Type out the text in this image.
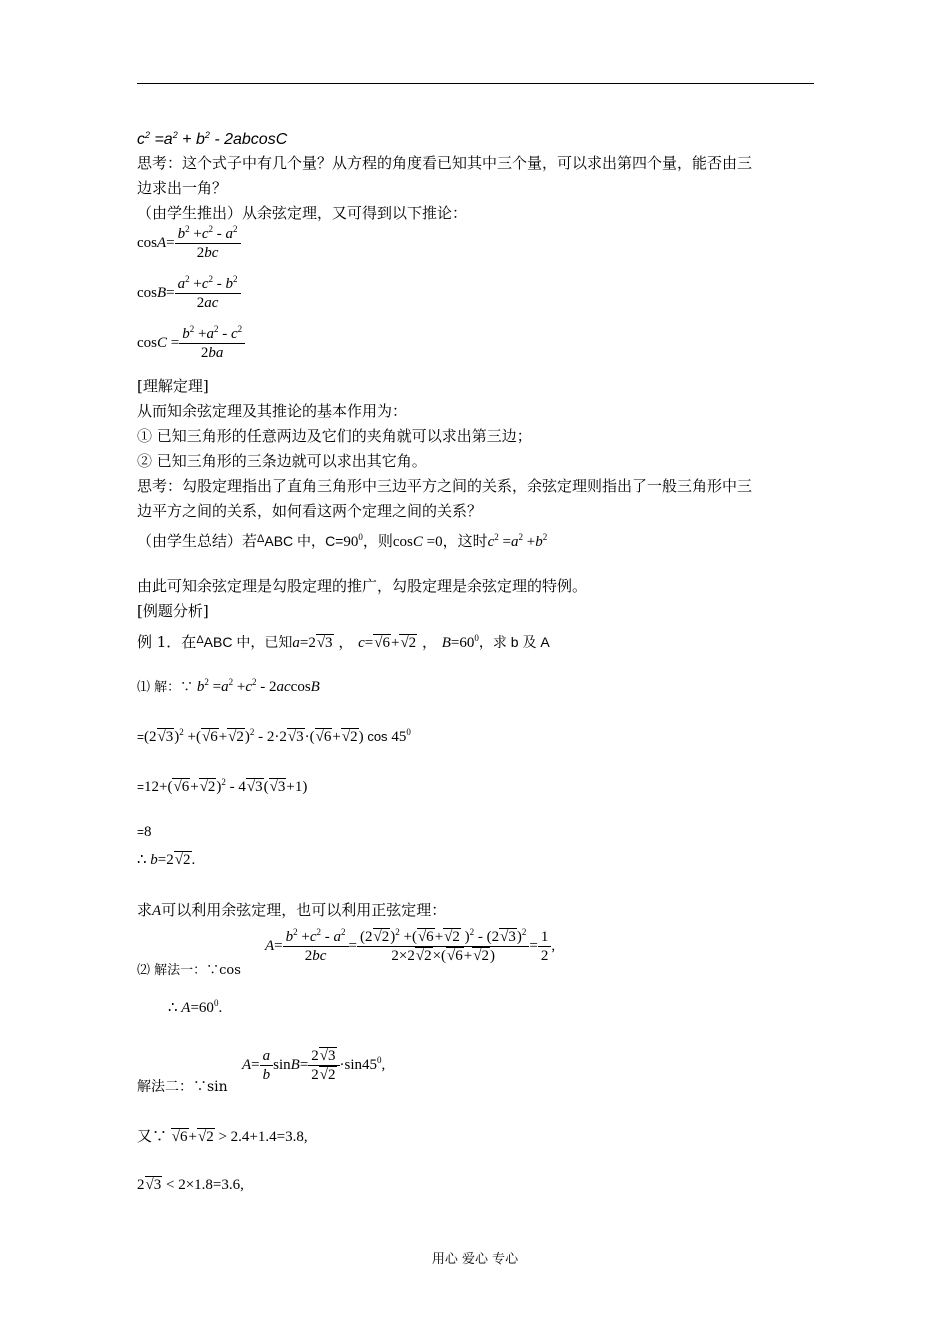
$c^2 =a^2 + b^2 - 2abcosC$
思考：这个式子中有几个量？从方程的角度看已知其中三个量，可以求出第四个量，能否由三
边求出一角？
（由学生推出）从余弦定理，又可得到以下推论：
$\cos A= \frac{b^2 +c^2 - a^2}{2bc}$
$\cos B= \frac{a^2 +c^2 - b^2}{2ac}$
$\cos C = \frac{b^2 +a^2 - c^2}{2ba}$
[理解定理]
从而知余弦定理及其推论的基本作用为：
① 已知三角形的任意两边及它们的夹角就可以求出第三边；
② 已知三角形的三条边就可以求出其它角。
思考：勾股定理指出了直角三角形中三边平方之间的关系，余弦定理则指出了一般三角形中三
边平方之间的关系，如何看这两个定理之间的关系？
（由学生总结）若$^\Delta$ABC 中，$C=90^0$，则cosC =0，这时$c^2 =a^2 +b^2$
由此可知余弦定理是勾股定理的推广，勾股定理是余弦定理的特例。
[例题分析]
例 1．在$^\Delta$ABC 中，已知a=2√3 ， c=√6+√2 ， $B=60^0$，求 b 及 A
⑴ 解：∵ $b^2 =a^2 +c^2 - 2accosB$
$=(2√3)^2 +(√6+√2)^2 - 2\cdot 2√3\cdot(√6+√2)$ $\cos 45^0$
$=12+(√6+√2)^2 - 4√3(√3+1)$
=8
∴ b=2√2.
求A可以利用余弦定理，也可以利用正弦定理：
$A= \frac{b^2 +c^2 - a^2}{2bc} = \frac{(2√2)^2 +(√6+√2 )^2 - (2√3)^2}{2\times 2√2\times(√6+√2)} = \frac{1}{2}$ ,
⑵ 解法一：∵cos
∴ $A=60^0$.
$A= \frac{a}{b} \sin B= \frac{2√3}{2√2} \cdot\sin 45^0$,
解法二：∵sin
又∵ √6+√2 > 2.4+1.4=3.8,
2√3 < 2×1.8=3.6,
用心 爱心 专心
